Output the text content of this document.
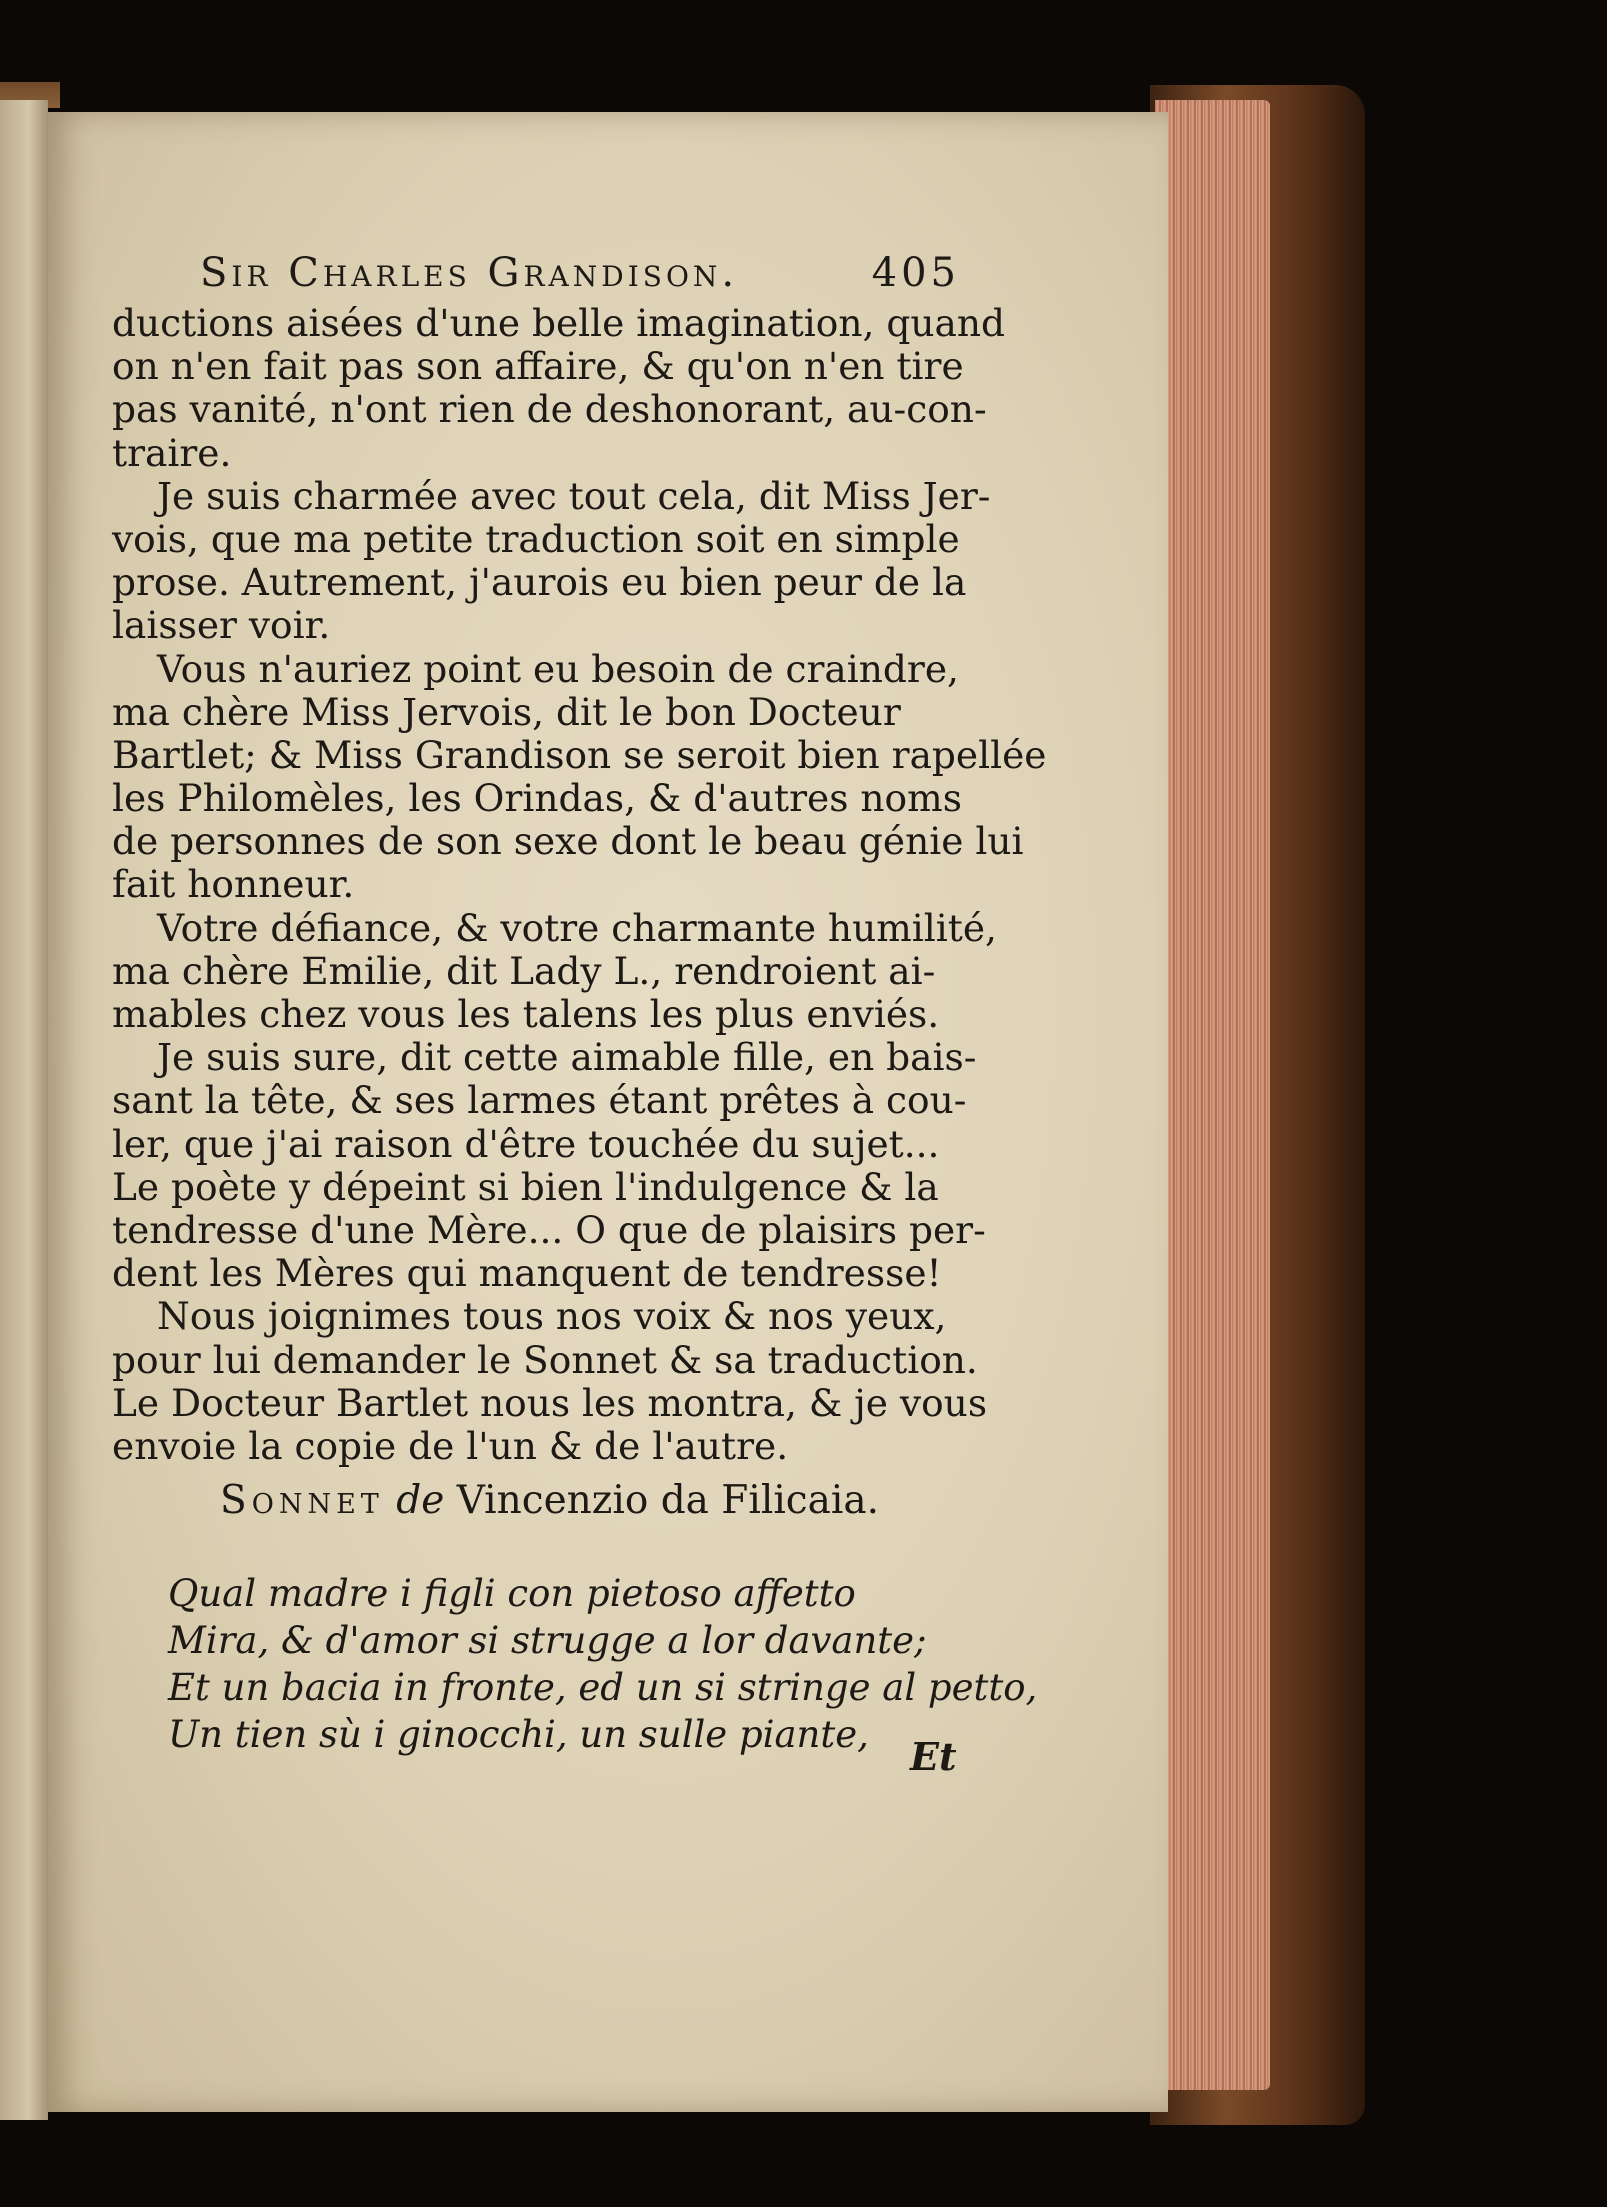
Sir Charles Grandison.	405
ductions aisées d'une belle imagination, quand
on n'en fait pas son affaire, & qu'on n'en tire
pas vanité, n'ont rien de deshonorant, au-con-
traire.
Je suis charmée avec tout cela, dit Miss Jer-
vois, que ma petite traduction soit en simple
prose. Autrement, j'aurois eu bien peur de la
laisser voir.
Vous n'auriez point eu besoin de craindre,
ma chère Miss Jervois, dit le bon Docteur
Bartlet; & Miss Grandison se seroit bien rapellée
les Philomèles, les Orindas, & d'autres noms
de personnes de son sexe dont le beau génie lui
fait honneur.
Votre défiance, & votre charmante humilité,
ma chère Emilie, dit Lady L., rendroient ai-
mables chez vous les talens les plus enviés.
Je suis sure, dit cette aimable fille, en bais-
sant la tête, & ses larmes étant prêtes à cou-
ler, que j'ai raison d'être touchée du sujet...
Le poète y dépeint si bien l'indulgence & la
tendresse d'une Mère... O que de plaisirs per-
dent les Mères qui manquent de tendresse!
Nous joignimes tous nos voix & nos yeux,
pour lui demander le Sonnet & sa traduction.
Le Docteur Bartlet nous les montra, & je vous
envoie la copie de l'un & de l'autre.
Sonnet de Vincenzio da Filicaia.
Qual madre i figli con pietoso affetto
Mira, & d'amor si strugge a lor davante;
Et un bacia in fronte, ed un si stringe al petto,
Un tien sù i ginocchi, un sulle piante,	Et
